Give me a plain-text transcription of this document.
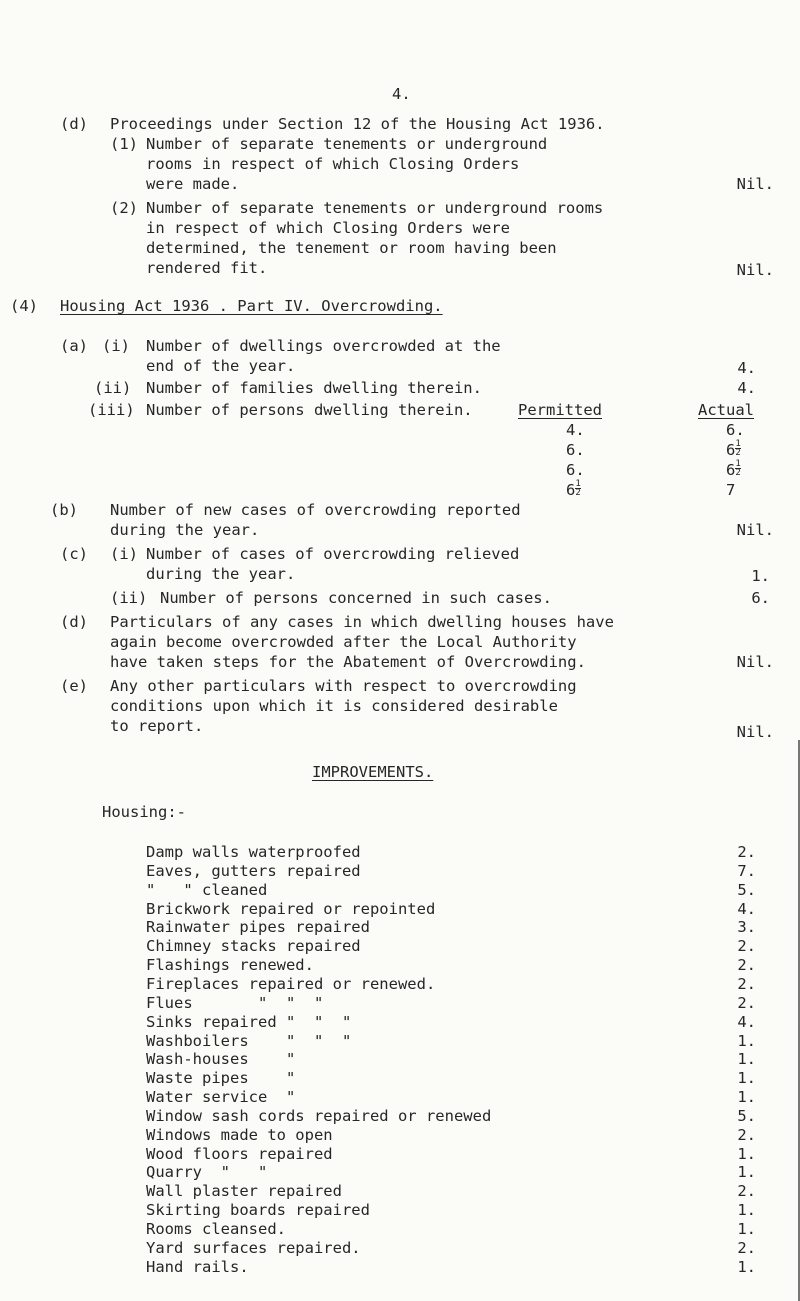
4.
(d) Proceedings under Section 12 of the Housing Act 1936.
(1) Number of separate tenements or underground
rooms in respect of which Closing Orders
were made.	Nil.
(2) Number of separate tenements or underground rooms
in respect of which Closing Orders were
determined, the tenement or room having been
rendered fit.	Nil.
(4) Housing Act 1936 . Part IV. Overcrowding.
(a) (i) Number of dwellings overcrowded at the
end of the year.	4.
(ii) Number of families dwelling therein.	4.
(iii) Number of persons dwelling therein.	Permitted	Actual
4.	6.
6.	$6 \frac{1}{2}$
6.	$6 \frac{1}{2}$
$6 \frac{1}{2}$	7
(b) Number of new cases of overcrowding reported
during the year.	Nil.
(c) (i) Number of cases of overcrowding relieved
during the year.	1.
(ii) Number of persons concerned in such cases.	6.
(d) Particulars of any cases in which dwelling houses have
again become overcrowded after the Local Authority
have taken steps for the Abatement of Overcrowding.	Nil.
(e) Any other particulars with respect to overcrowding
conditions upon which it is considered desirable
to report.	Nil.
IMPROVEMENTS.
Housing:-
Damp walls waterproofed	2.
Eaves, gutters repaired	7.
"   " cleaned	5.
Brickwork repaired or repointed	4.
Rainwater pipes repaired	3.
Chimney stacks repaired	2.
Flashings renewed.	2.
Fireplaces repaired or renewed.	2.
Flues       "  "  "	2.
Sinks repaired "  "  "	4.
Washboilers    "  "  "	1.
Wash-houses    "	1.
Waste pipes    "	1.
Water service  "	1.
Window sash cords repaired or renewed	5.
Windows made to open	2.
Wood floors repaired	1.
Quarry  "   "	1.
Wall plaster repaired	2.
Skirting boards repaired	1.
Rooms cleansed.	1.
Yard surfaces repaired.	2.
Hand rails.	1.
